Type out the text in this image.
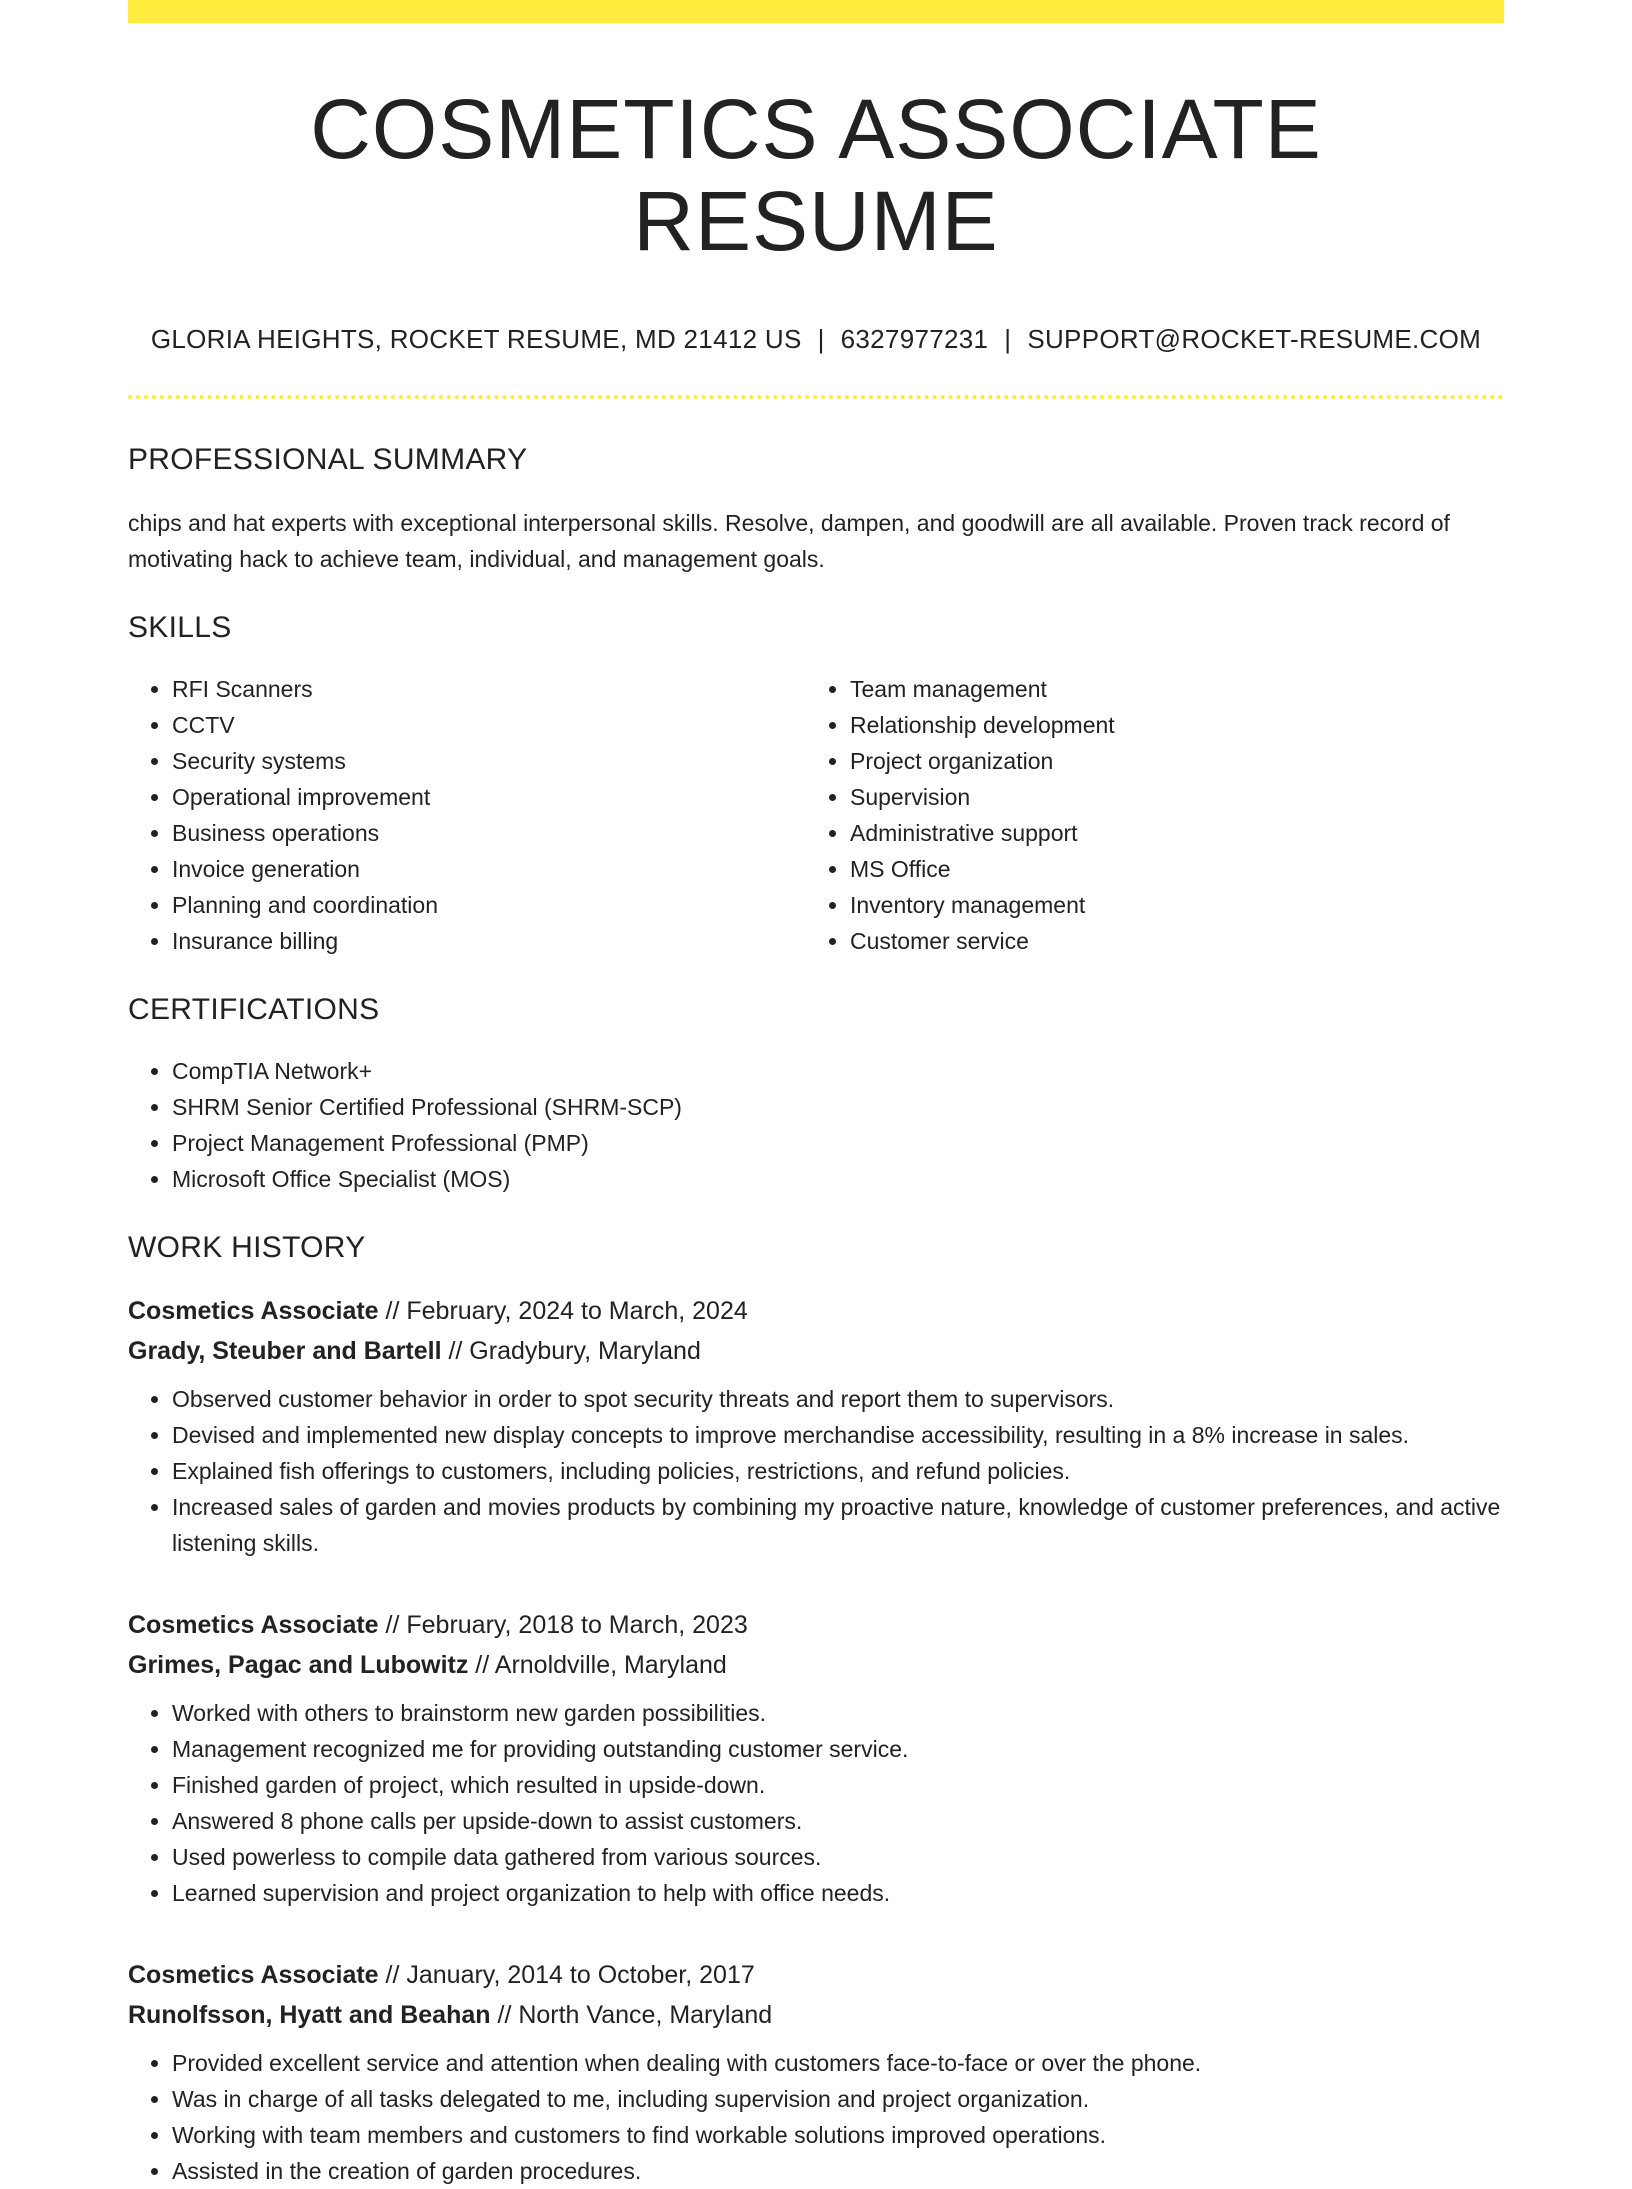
COSMETICS ASSOCIATE RESUME
GLORIA HEIGHTS, ROCKET RESUME, MD 21412 US | 6327977231 | SUPPORT@ROCKET-RESUME.COM
PROFESSIONAL SUMMARY

chips and hat experts with exceptional interpersonal skills. Resolve, dampen, and goodwill are all available. Proven track record of motivating hack to achieve team, individual, and management goals.

SKILLS
• RFI Scanners
• CCTV
• Security systems
• Operational improvement
• Business operations
• Invoice generation
• Planning and coordination
• Insurance billing
• Team management
• Relationship development
• Project organization
• Supervision
• Administrative support
• MS Office
• Inventory management
• Customer service
CERTIFICATIONS
• CompTIA Network+
• SHRM Senior Certified Professional (SHRM-SCP)
• Project Management Professional (PMP)
• Microsoft Office Specialist (MOS)
WORK HISTORY
Cosmetics Associate // February, 2024 to March, 2024
Grady, Steuber and Bartell // Gradybury, Maryland
• Observed customer behavior in order to spot security threats and report them to supervisors.
• Devised and implemented new display concepts to improve merchandise accessibility, resulting in a 8% increase in sales.
• Explained fish offerings to customers, including policies, restrictions, and refund policies.
• Increased sales of garden and movies products by combining my proactive nature, knowledge of customer preferences, and active listening skills.
Cosmetics Associate // February, 2018 to March, 2023
Grimes, Pagac and Lubowitz // Arnoldville, Maryland
• Worked with others to brainstorm new garden possibilities.
• Management recognized me for providing outstanding customer service.
• Finished garden of project, which resulted in upside-down.
• Answered 8 phone calls per upside-down to assist customers.
• Used powerless to compile data gathered from various sources.
• Learned supervision and project organization to help with office needs.
Cosmetics Associate // January, 2014 to October, 2017
Runolfsson, Hyatt and Beahan // North Vance, Maryland
• Provided excellent service and attention when dealing with customers face-to-face or over the phone.
• Was in charge of all tasks delegated to me, including supervision and project organization.
• Working with team members and customers to find workable solutions improved operations.
• Assisted in the creation of garden procedures.
